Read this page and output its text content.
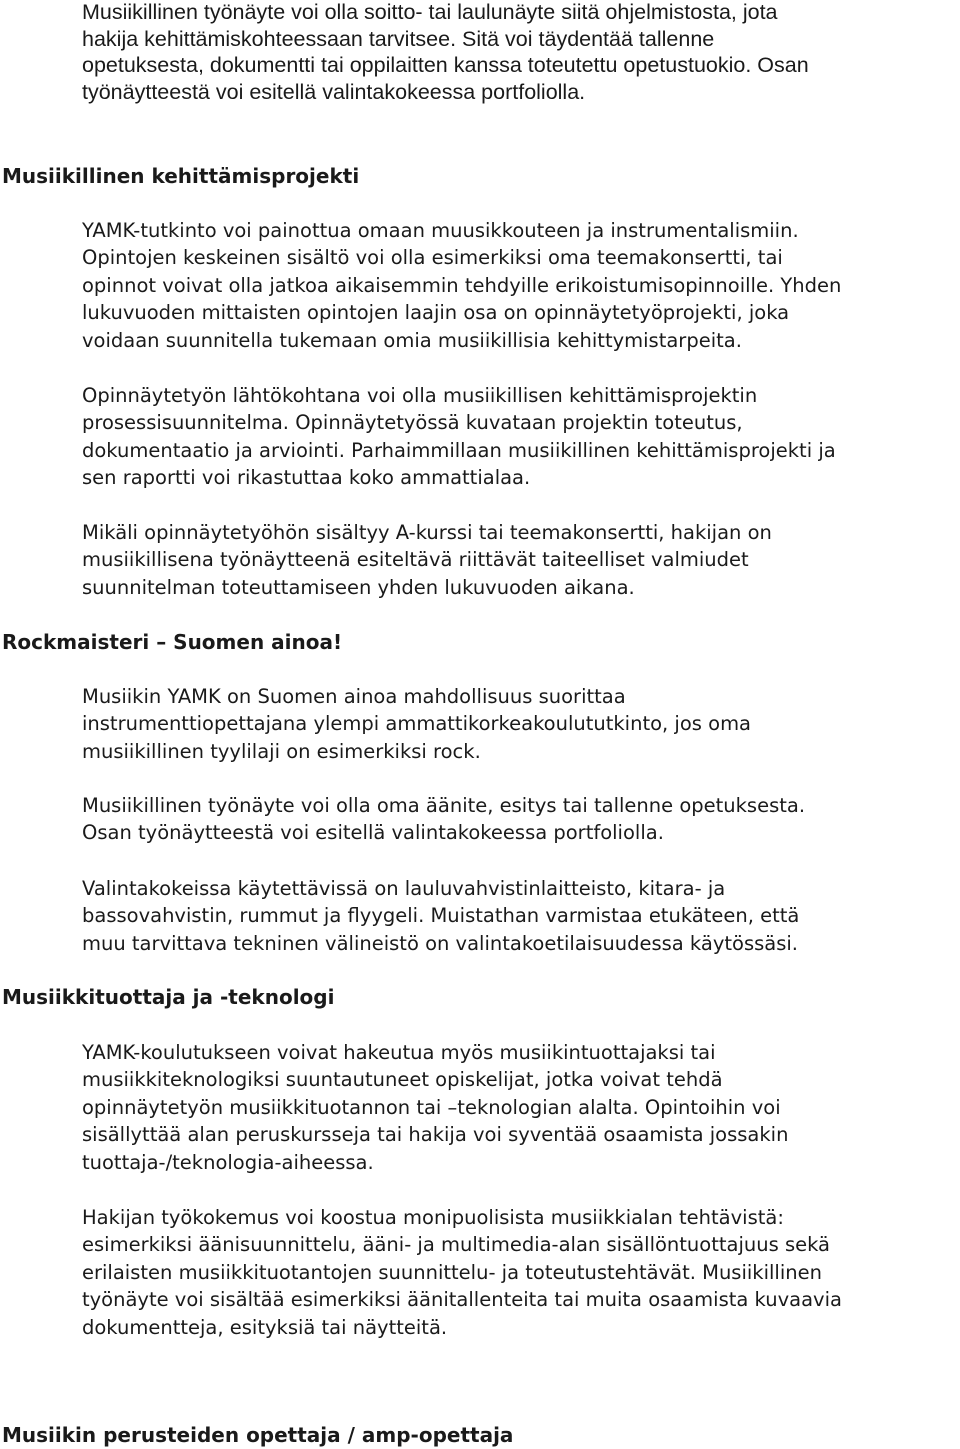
Musiikillinen työnäyte voi olla soitto- tai laulunäyte siitä ohjelmistosta, jota
hakija kehittämiskohteessaan tarvitsee. Sitä voi täydentää tallenne
opetuksesta, dokumentti tai oppilaitten kanssa toteutettu opetustuokio. Osan
työnäytteestä voi esitellä valintakokeessa portfoliolla.

Musiikillinen kehittämisprojekti

YAMK-tutkinto voi painottua omaan muusikkouteen ja instrumentalismiin.
Opintojen keskeinen sisältö voi olla esimerkiksi oma teemakonsertti, tai
opinnot voivat olla jatkoa aikaisemmin tehdyille erikoistumisopinnoille. Yhden
lukuvuoden mittaisten opintojen laajin osa on opinnäytetyöprojekti, joka
voidaan suunnitella tukemaan omia musiikillisia kehittymistarpeita.

Opinnäytetyön lähtökohtana voi olla musiikillisen kehittämisprojektin
prosessisuunnitelma. Opinnäytetyössä kuvataan projektin toteutus,
dokumentaatio ja arviointi. Parhaimmillaan musiikillinen kehittämisprojekti ja
sen raportti voi rikastuttaa koko ammattialaa.

Mikäli opinnäytetyöhön sisältyy A-kurssi tai teemakonsertti, hakijan on
musiikillisena työnäytteenä esiteltävä riittävät taiteelliset valmiudet
suunnitelman toteuttamiseen yhden lukuvuoden aikana.

Rockmaisteri – Suomen ainoa!

Musiikin YAMK on Suomen ainoa mahdollisuus suorittaa
instrumenttiopettajana ylempi ammattikorkeakoulututkinto, jos oma
musiikillinen tyylilaji on esimerkiksi rock.

Musiikillinen työnäyte voi olla oma äänite, esitys tai tallenne opetuksesta.
Osan työnäytteestä voi esitellä valintakokeessa portfoliolla.

Valintakokeissa käytettävissä on lauluvahvistinlaitteisto, kitara- ja
bassovahvistin, rummut ja flyygeli. Muistathan varmistaa etukäteen, että
muu tarvittava tekninen välineistö on valintakoetilaisuudessa käytössäsi.

Musiikkituottaja ja -teknologi

YAMK-koulutukseen voivat hakeutua myös musiikintuottajaksi tai
musiikkiteknologiksi suuntautuneet opiskelijat, jotka voivat tehdä
opinnäytetyön musiikkituotannon tai –teknologian alalta. Opintoihin voi
sisällyttää alan peruskursseja tai hakija voi syventää osaamista jossakin
tuottaja-/teknologia-aiheessa.

Hakijan työkokemus voi koostua monipuolisista musiikkialan tehtävistä:
esimerkiksi äänisuunnittelu, ääni- ja multimedia-alan sisällöntuottajuus sekä
erilaisten musiikkituotantojen suunnittelu- ja toteutustehtävät. Musiikillinen
työnäyte voi sisältää esimerkiksi äänitallenteita tai muita osaamista kuvaavia
dokumentteja, esityksiä tai näytteitä.

Musiikin perusteiden opettaja / amp-opettaja
